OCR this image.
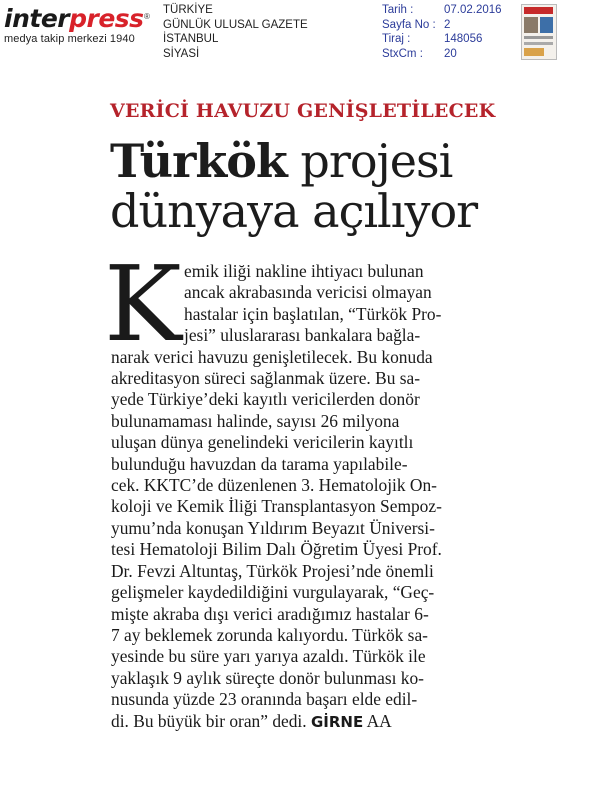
inter press ®
medya takip merkezi 1940
TÜRKİYE
GÜNLÜK ULUSAL GAZETE
İSTANBUL
SİYASİ
Tarih :	07.02.2016
Sayfa No : 2
Tiraj :	148056
StxCm :	20
VERİCİ HAVUZU GENİŞLETİLECEK
Türkök projesi
dünyaya açılıyor
K emik iliği nakline ihtiyacı bulunan
ancak akrabasında vericisi olmayan
hastalar için başlatılan, “Türkök Pro-
jesi” uluslararası bankalara bağla-
narak verici havuzu genişletilecek. Bu konuda
akreditasyon süreci sağlanmak üzere. Bu sa-
yede Türkiye’deki kayıtlı vericilerden donör
bulunamaması halinde, sayısı 26 milyona
uluşan dünya genelindeki vericilerin kayıtlı
bulunduğu havuzdan da tarama yapılabile-
cek. KKTC’de düzenlenen 3. Hematolojik On-
koloji ve Kemik İliği Transplantasyon Sempoz-
yumu’nda konuşan Yıldırım Beyazıt Üniversi-
tesi Hematoloji Bilim Dalı Öğretim Üyesi Prof.
Dr. Fevzi Altuntaş, Türkök Projesi’nde önemli
gelişmeler kaydedildiğini vurgulayarak, “Geç-
mişte akraba dışı verici aradığımız hastalar 6-
7 ay beklemek zorunda kalıyordu. Türkök sa-
yesinde bu süre yarı yarıya azaldı. Türkök ile
yaklaşık 9 aylık süreçte donör bulunması ko-
nusunda yüzde 23 oranında başarı elde edil-
di. Bu büyük bir oran” dedi. GİRNE AA
